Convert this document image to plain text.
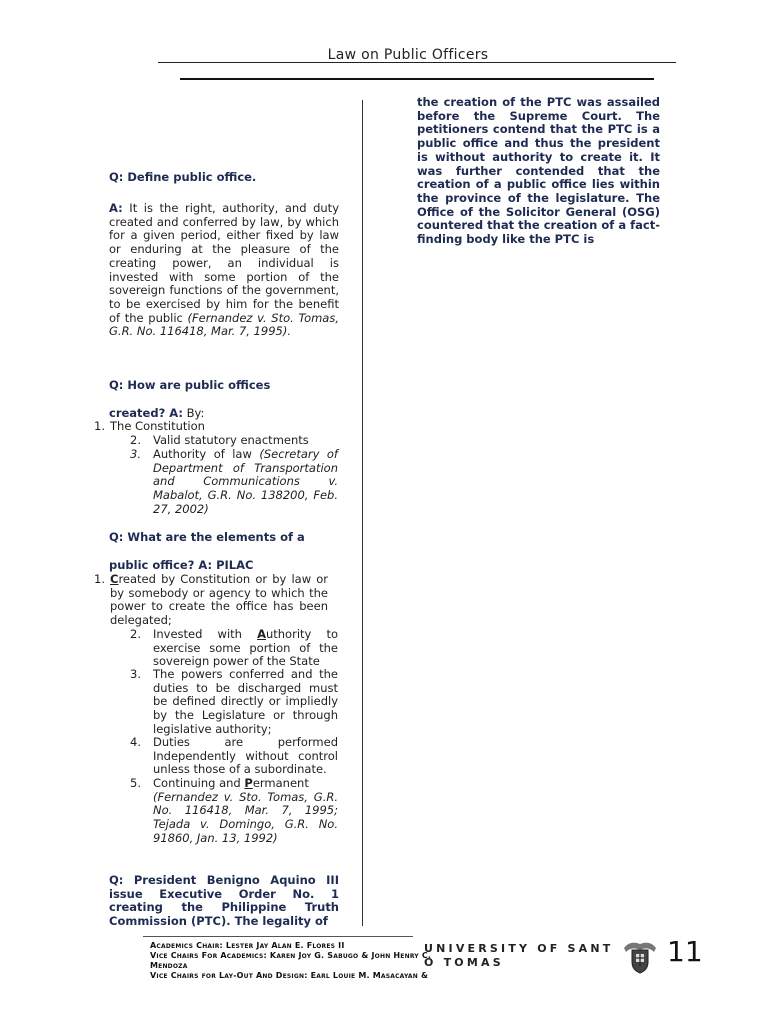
Law on Public Officers
Q: Define public office.
A: It is the right, authority, and duty created and conferred by law, by which for a given period, either fixed by law or enduring at the pleasure of the creating power, an individual is invested with some portion of the sovereign functions of the government, to be exercised by him for the benefit of the public (Fernandez v. Sto. Tomas, G.R. No. 116418, Mar. 7, 1995).
Q: How are public offices
created? A: By:
1. The Constitution
2. Valid statutory enactments
3. Authority of law (Secretary of Department of Transportation and Communications v. Mabalot, G.R. No. 138200, Feb. 27, 2002)
Q: What are the elements of a
public office? A: PILAC
1. Created by Constitution or by law or by somebody or agency to which the power to create the office has been delegated;
2. Invested with Authority to exercise some portion of the sovereign power of the State
3. The powers conferred and the duties to be discharged must be defined directly or impliedly by the Legislature or through legislative authority;
4. Duties are performed Independently without control unless those of a subordinate.
5. Continuing and Permanent
(Fernandez v. Sto. Tomas, G.R. No. 116418, Mar. 7, 1995; Tejada v. Domingo, G.R. No. 91860, Jan. 13, 1992)
Q: President Benigno Aquino III issue Executive Order No. 1 creating the Philippine Truth Commission (PTC). The legality of
the creation of the PTC was assailed before the Supreme Court. The petitioners contend that the PTC is a public office and thus the president is without authority to create it. It was further contended that the creation of a public office lies within the province of the legislature. The Office of the Solicitor General (OSG) countered that the creation of a fact-finding body like the PTC is
Academics Chair: Lester Jay Alan E. Flores II
Vice Chairs For Academics: Karen Joy G. Sabugo & John Henry C. Mendoza
Vice Chairs for Lay-Out And Design: Earl Louie M. Masacayan &
UNIVERSITY OF SANT
O TOMAS	11
